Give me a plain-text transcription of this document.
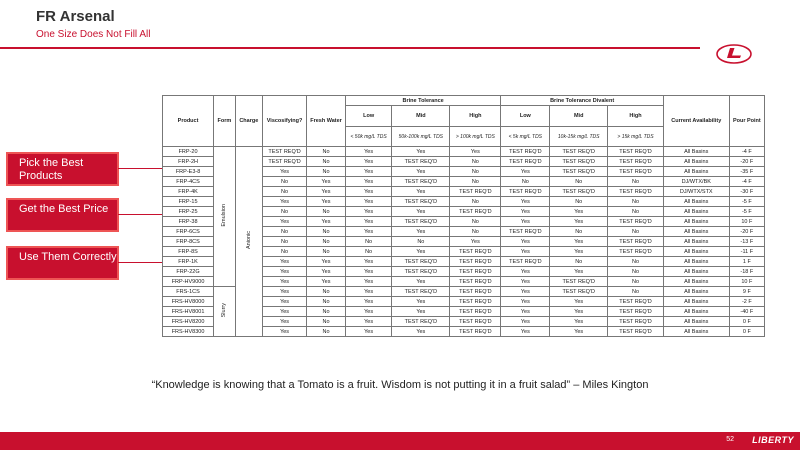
FR Arsenal
One Size Does Not Fill All
Pick the Best Products
Get the Best Price
Use Them Correctly
Product	Form	Charge	Viscosifying?	Fresh Water	Brine Tolerance			Brine Tolerance Divalent			Current Availability	Pour Point
					Low	Mid	High	Low	Mid	High		
					< 50k mg/L TDS	50k-100k mg/L TDS	> 100k mg/L TDS	< 5k mg/L TDS	10k-15k mg/L TDS	> 15k mg/L TDS		
FRP-20	Emulsion	Anionic	TEST REQ'D	No	Yes	Yes	Yes	TEST REQ'D	TEST REQ'D	TEST REQ'D	All Basins	-4 F
FRP-2H			TEST REQ'D	No	Yes	TEST REQ'D	No	TEST REQ'D	TEST REQ'D	TEST REQ'D	All Basins	-20 F
FRP-E3-8			Yes	No	Yes	Yes	No	Yes	TEST REQ'D	TEST REQ'D	All Basins	-35 F
FRP-4CS			No	Yes	Yes	TEST REQ'D	No	No	No	No	DJ/WTX/BK	-4 F
FRP-4K			No	Yes	Yes	Yes	TEST REQ'D	TEST REQ'D	TEST REQ'D	TEST REQ'D	DJ/WTX/STX	-30 F
FRP-15			Yes	Yes	Yes	TEST REQ'D	No	Yes	No	No	All Basins	-5 F
FRP-25			No	No	Yes	Yes	TEST REQ'D	Yes	Yes	No	All Basins	-5 F
FRP-38			Yes	Yes	Yes	TEST REQ'D	No	Yes	Yes	TEST REQ'D	All Basins	10 F
FRP-6CS			No	No	Yes	Yes	No	TEST REQ'D	No	No	All Basins	-20 F
FRP-8CS			No	No	No	No	Yes	Yes	Yes	TEST REQ'D	All Basins	-13 F
FRP-8S			No	No	No	Yes	TEST REQ'D	Yes	Yes	TEST REQ'D	All Basins	-11 F
FRP-1K			Yes	Yes	Yes	TEST REQ'D	TEST REQ'D	TEST REQ'D	No	No	All Basins	1 F
FRP-22G			Yes	Yes	Yes	TEST REQ'D	TEST REQ'D	Yes	Yes	No	All Basins	-18 F
FRP-HV9000			Yes	Yes	Yes	Yes	TEST REQ'D	Yes	TEST REQ'D	No	All Basins	10 F
FRS-1CS	Slurry		Yes	No	Yes	TEST REQ'D	TEST REQ'D	Yes	TEST REQ'D	No	All Basins	9 F
FRS-HV8000			Yes	No	Yes	Yes	TEST REQ'D	Yes	Yes	TEST REQ'D	All Basins	-2 F
FRS-HV8001			Yes	No	Yes	Yes	TEST REQ'D	Yes	Yes	TEST REQ'D	All Basins	-40 F
FRS-HV8200			Yes	No	Yes	TEST REQ'D	TEST REQ'D	Yes	Yes	TEST REQ'D	All Basins	0 F
FRS-HV8300			Yes	No	Yes	Yes	TEST REQ'D	Yes	Yes	TEST REQ'D	All Basins	0 F
“Knowledge is knowing that a Tomato is a fruit. Wisdom is not putting it in a fruit salad” – Miles Kington
52 LIBERTY
